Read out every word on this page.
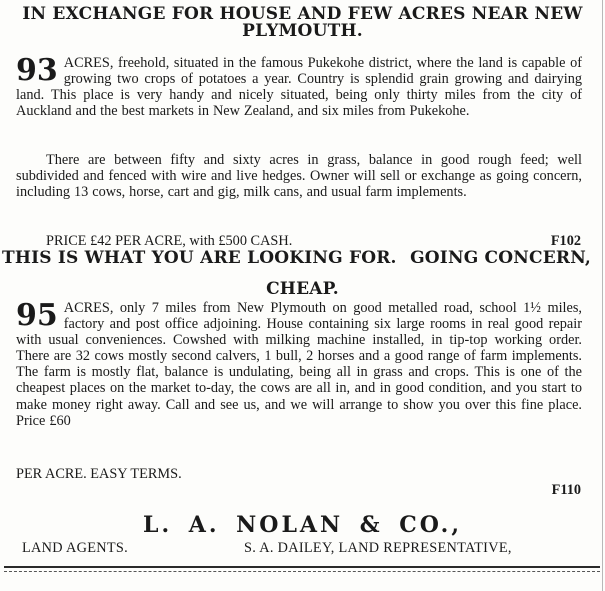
IN EXCHANGE FOR HOUSE AND FEW ACRES NEAR NEW
PLYMOUTH.

93 ACRES, freehold, situated in the famous Pukekohe district, where the land is capable of growing two crops of potatoes a year. Country is splendid grain growing and dairying land. This place is very handy and nicely situated, being only thirty miles from the city of Auckland and the best markets in New Zealand, and six miles from Pukekohe.

There are between fifty and sixty acres in grass, balance in good rough feed; well subdivided and fenced with wire and live hedges. Owner will sell or exchange as going concern, including 13 cows, horse, cart and gig, milk cans, and usual farm implements.

PRICE £42 PER ACRE, with £500 CASH.	F102
THIS IS WHAT YOU ARE LOOKING FOR. GOING CONCERN,
CHEAP.

95 ACRES, only 7 miles from New Plymouth on good metalled road, school 1½ miles, factory and post office adjoining. House containing six large rooms in real good repair with usual conveniences. Cowshed with milking machine installed, in tip-top working order. There are 32 cows mostly second calvers, 1 bull, 2 horses and a good range of farm implements. The farm is mostly flat, balance is undulating, being all in grass and crops. This is one of the cheapest places on the market to-day, the cows are all in, and in good condition, and you start to make money right away. Call and see us, and we will arrange to show you over this fine place. Price £60

PER ACRE. EASY TERMS.
F110
L. A. NOLAN & CO.,
LAND AGENTS.	S. A. DAILEY, LAND REPRESENTATIVE,
